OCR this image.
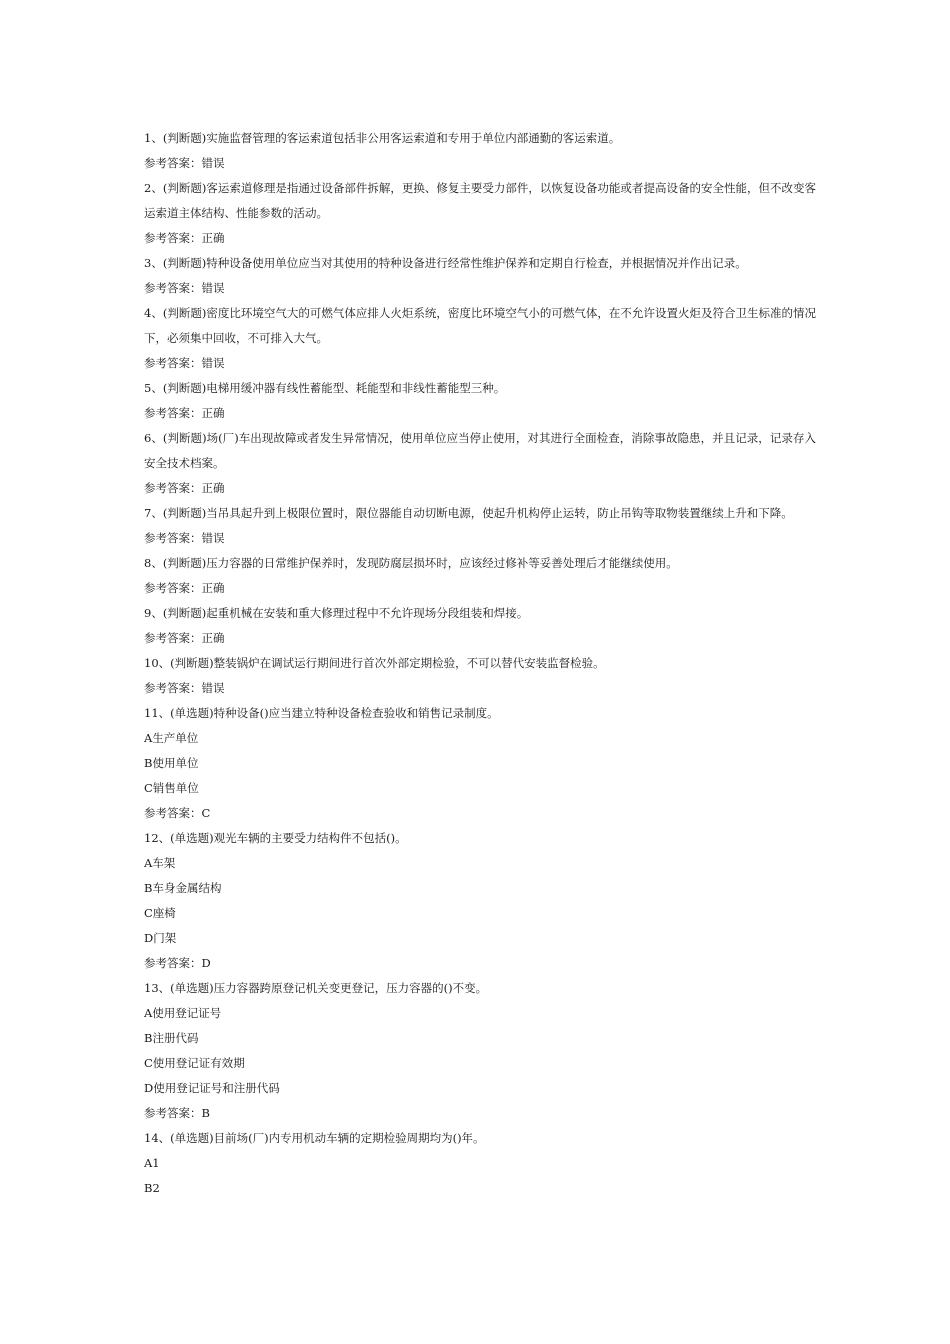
1、(判断题)实施监督管理的客运索道包括非公用客运索道和专用于单位内部通勤的客运索道。
参考答案：错误
2、(判断题)客运索道修理是指通过设备部件拆解，更换、修复主要受力部件，以恢复设备功能或者提高设备的安全性能，但不改变客运索道主体结构、性能参数的活动。
参考答案：正确
3、(判断题)特种设备使用单位应当对其使用的特种设备进行经常性维护保养和定期自行检查，并根据情况并作出记录。
参考答案：错误
4、(判断题)密度比环境空气大的可燃气体应排人火炬系统，密度比环境空气小的可燃气体，在不允许设置火炬及符合卫生标准的情况下，必须集中回收，不可排入大气。
参考答案：错误
5、(判断题)电梯用缓冲器有线性蓄能型、耗能型和非线性蓄能型三种。
参考答案：正确
6、(判断题)场(厂)车出现故障或者发生异常情况，使用单位应当停止使用，对其进行全面检查，消除事故隐患，并且记录，记录存入安全技术档案。
参考答案：正确
7、(判断题)当吊具起升到上极限位置时，限位器能自动切断电源，使起升机构停止运转，防止吊钩等取物装置继续上升和下降。
参考答案：错误
8、(判断题)压力容器的日常维护保养时，发现防腐层损坏时，应该经过修补等妥善处理后才能继续使用。
参考答案：正确
9、(判断题)起重机械在安装和重大修理过程中不允许现场分段组装和焊接。
参考答案：正确
10、(判断题)整装锅炉在调试运行期间进行首次外部定期检验，不可以替代安装监督检验。
参考答案：错误
11、(单选题)特种设备()应当建立特种设备检查验收和销售记录制度。
A生产单位
B使用单位
C销售单位
参考答案：C
12、(单选题)观光车辆的主要受力结构件不包括()。
A车架
B车身金属结构
C座椅
D门架
参考答案：D
13、(单选题)压力容器跨原登记机关变更登记，压力容器的()不变。
A使用登记证号
B注册代码
C使用登记证有效期
D使用登记证号和注册代码
参考答案：B
14、(单选题)目前场(厂)内专用机动车辆的定期检验周期均为()年。
A1
B2
